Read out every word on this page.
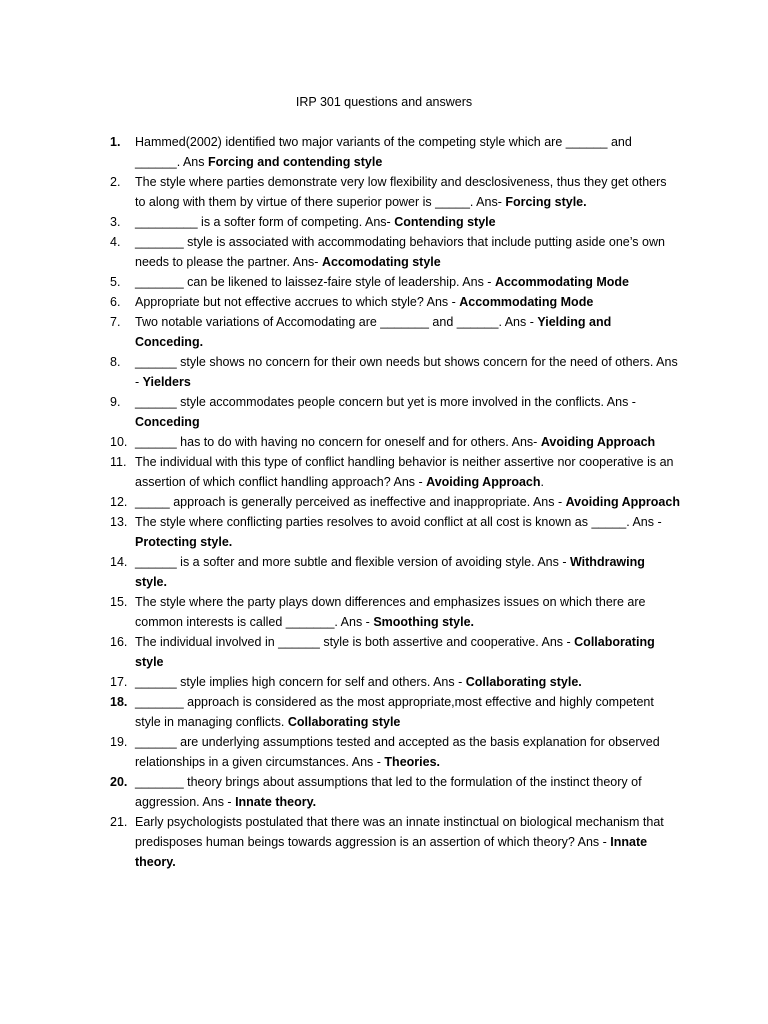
IRP 301 questions and answers
1.	Hammed(2002) identified two major variants of the competing style which are ______ and ______. Ans Forcing and contending style
2.	The style where parties demonstrate very low flexibility and desclosiveness, thus they get others to along with them by virtue of there superior power is _____. Ans- Forcing style.
3.	_________ is a softer form of competing. Ans- Contending style
4.	_______ style is associated with accommodating behaviors that include putting aside one’s own needs to please the partner. Ans- Accomodating style
5.	_______ can be likened to laissez-faire style of leadership. Ans - Accommodating Mode
6.	Appropriate but not effective accrues to which style? Ans - Accommodating Mode
7.	Two notable variations of Accomodating are _______ and ______. Ans - Yielding and Conceding.
8.	______ style shows no concern for their own needs but shows concern for the need of others. Ans - Yielders
9.	______ style accommodates people concern but yet is more involved in the conflicts. Ans - Conceding
10. ______ has to do with having no concern for oneself and for others. Ans- Avoiding Approach
11. The individual with this type of conflict handling behavior is neither assertive nor cooperative is an assertion of which conflict handling approach? Ans - Avoiding Approach.
12. _____ approach is generally perceived as ineffective and inappropriate. Ans - Avoiding Approach
13. The style where conflicting parties resolves to avoid conflict at all cost is known as _____. Ans - Protecting style.
14. ______ is a softer and more subtle and flexible version of avoiding style. Ans - Withdrawing style.
15. The style where the party plays down differences and emphasizes issues on which there are common interests is called _______. Ans - Smoothing style.
16. The individual involved in ______ style is both assertive and cooperative. Ans - Collaborating style
17. ______ style implies high concern for self and others. Ans - Collaborating style.
18. _______ approach is considered as the most appropriate,most effective and highly competent style in managing conflicts. Collaborating style
19. ______ are underlying assumptions tested and accepted as the basis explanation for observed relationships in a given circumstances. Ans - Theories.
20. _______ theory brings about assumptions that led to the formulation of the instinct theory of aggression. Ans - Innate theory.
21. Early psychologists postulated that there was an innate instinctual on biological mechanism that predisposes human beings towards aggression is an assertion of which theory? Ans - Innate theory.
